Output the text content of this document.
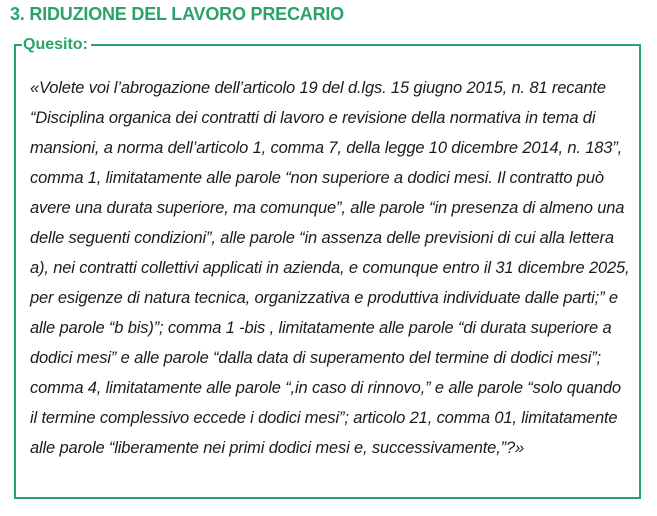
3. RIDUZIONE DEL LAVORO PRECARIO
Quesito:

«Volete voi l’abrogazione dell’articolo 19 del d.lgs. 15 giugno 2015, n. 81 recante “Disciplina organica dei contratti di lavoro e revisione della normativa in tema di mansioni, a norma dell’articolo 1, comma 7, della legge 10 dicembre 2014, n. 183”, comma 1, limitatamente alle parole “non superiore a dodici mesi. Il contratto può avere una durata superiore, ma comunque”, alle parole “in presenza di almeno una delle seguenti condizioni”, alle parole “in assenza delle previsioni di cui alla lettera a), nei contratti collettivi applicati in azienda, e comunque entro il 31 dicembre 2025, per esigenze di natura tecnica, organizzativa e produttiva individuate dalle parti;” e alle parole “b bis)”; comma 1 -bis , limitatamente alle parole “di durata superiore a dodici mesi” e alle parole “dalla data di superamento del termine di dodici mesi”; comma 4, limitatamente alle parole “,in caso di rinnovo,” e alle parole “solo quando il termine complessivo eccede i dodici mesi”; articolo 21, comma 01, limitatamente alle parole “liberamente nei primi dodici mesi e, successivamente,”?»
